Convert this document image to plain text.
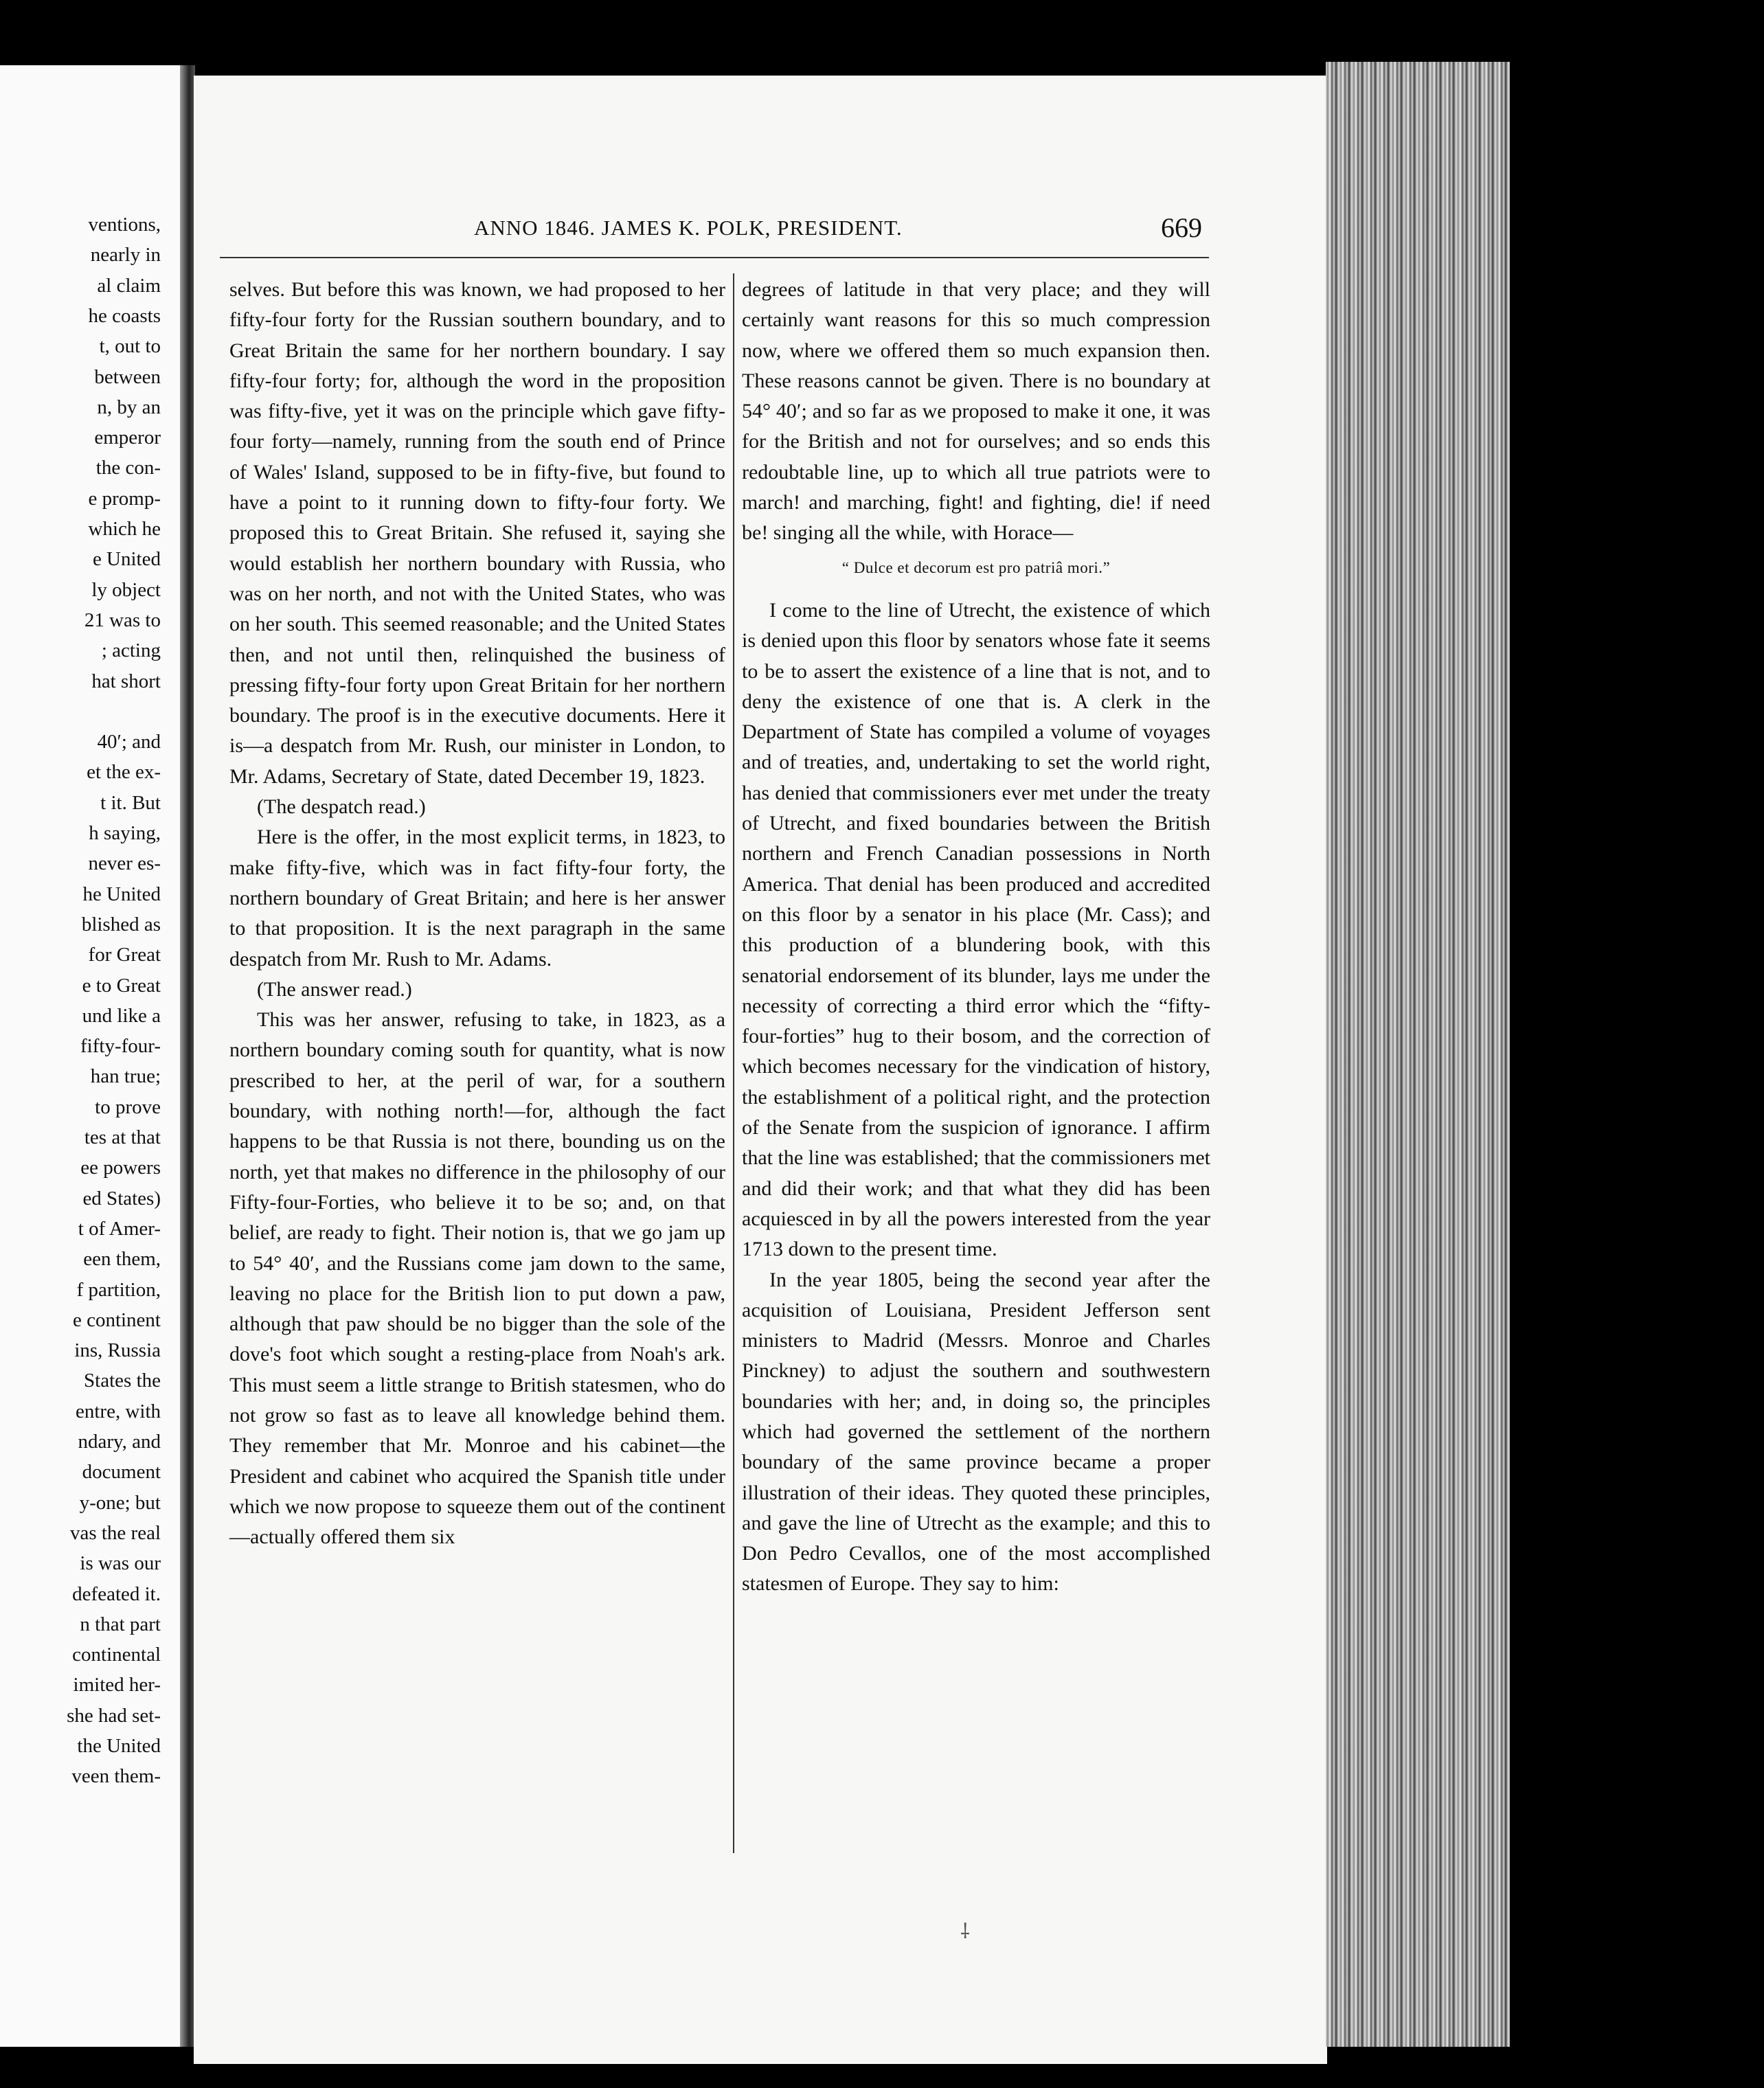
ventions,
nearly in
al claim
he coasts
t, out to
between
n, by an
emperor
the con-
e promp-
which he
e United
ly object
21 was to
; acting
hat short
40′; and
et the ex-
t it. But
h saying,
never es-
he United
blished as
for Great
e to Great
und like a
fifty-four-
han true;
to prove
tes at that
ee powers
ed States)
t of Amer-
een them,
f partition,
e continent
ins, Russia
States the
entre, with
ndary, and
document
y-one; but
vas the real
is was our
defeated it.
n that part
continental
imited her-
she had set-
the United
veen them-
ANNO 1846. JAMES K. POLK, PRESIDENT.	669

selves. But before this was known, we had proposed to her fifty-four forty for the Russian southern boundary, and to Great Britain the same for her northern boundary. I say fifty-four forty; for, although the word in the proposition was fifty-five, yet it was on the principle which gave fifty-four forty—namely, running from the south end of Prince of Wales' Island, supposed to be in fifty-five, but found to have a point to it running down to fifty-four forty. We proposed this to Great Britain. She refused it, saying she would establish her northern boundary with Russia, who was on her north, and not with the United States, who was on her south. This seemed reasonable; and the United States then, and not until then, relinquished the business of pressing fifty-four forty upon Great Britain for her northern boundary. The proof is in the executive documents. Here it is—a despatch from Mr. Rush, our minister in London, to Mr. Adams, Secretary of State, dated December 19, 1823.

(The despatch read.)

Here is the offer, in the most explicit terms, in 1823, to make fifty-five, which was in fact fifty-four forty, the northern boundary of Great Britain; and here is her answer to that proposition. It is the next paragraph in the same despatch from Mr. Rush to Mr. Adams.

(The answer read.)

This was her answer, refusing to take, in 1823, as a northern boundary coming south for quantity, what is now prescribed to her, at the peril of war, for a southern boundary, with nothing north!—for, although the fact happens to be that Russia is not there, bounding us on the north, yet that makes no difference in the philosophy of our Fifty-four-Forties, who believe it to be so; and, on that belief, are ready to fight. Their notion is, that we go jam up to 54° 40′, and the Russians come jam down to the same, leaving no place for the British lion to put down a paw, although that paw should be no bigger than the sole of the dove's foot which sought a resting-place from Noah's ark. This must seem a little strange to British statesmen, who do not grow so fast as to leave all knowledge behind them. They remember that Mr. Monroe and his cabinet—the President and cabinet who acquired the Spanish title under which we now propose to squeeze them out of the continent—actually offered them six

degrees of latitude in that very place; and they will certainly want reasons for this so much compression now, where we offered them so much expansion then. These reasons cannot be given. There is no boundary at 54° 40′; and so far as we proposed to make it one, it was for the British and not for ourselves; and so ends this redoubtable line, up to which all true patriots were to march! and marching, fight! and fighting, die! if need be! singing all the while, with Horace—

“ Dulce et decorum est pro patriâ mori.”

I come to the line of Utrecht, the existence of which is denied upon this floor by senators whose fate it seems to be to assert the existence of a line that is not, and to deny the existence of one that is. A clerk in the Department of State has compiled a volume of voyages and of treaties, and, undertaking to set the world right, has denied that commissioners ever met under the treaty of Utrecht, and fixed boundaries between the British northern and French Canadian possessions in North America. That denial has been produced and accredited on this floor by a senator in his place (Mr. Cass); and this production of a blundering book, with this senatorial endorsement of its blunder, lays me under the necessity of correcting a third error which the “fifty-four-forties” hug to their bosom, and the correction of which becomes necessary for the vindication of history, the establishment of a political right, and the protection of the Senate from the suspicion of ignorance. I affirm that the line was established; that the commissioners met and did their work; and that what they did has been acquiesced in by all the powers interested from the year 1713 down to the present time.

In the year 1805, being the second year after the acquisition of Louisiana, President Jefferson sent ministers to Madrid (Messrs. Monroe and Charles Pinckney) to adjust the southern and southwestern boundaries with her; and, in doing so, the principles which had governed the settlement of the northern boundary of the same province became a proper illustration of their ideas. They quoted these principles, and gave the line of Utrecht as the example; and this to Don Pedro Cevallos, one of the most accomplished statesmen of Europe. They say to him:

⸸
